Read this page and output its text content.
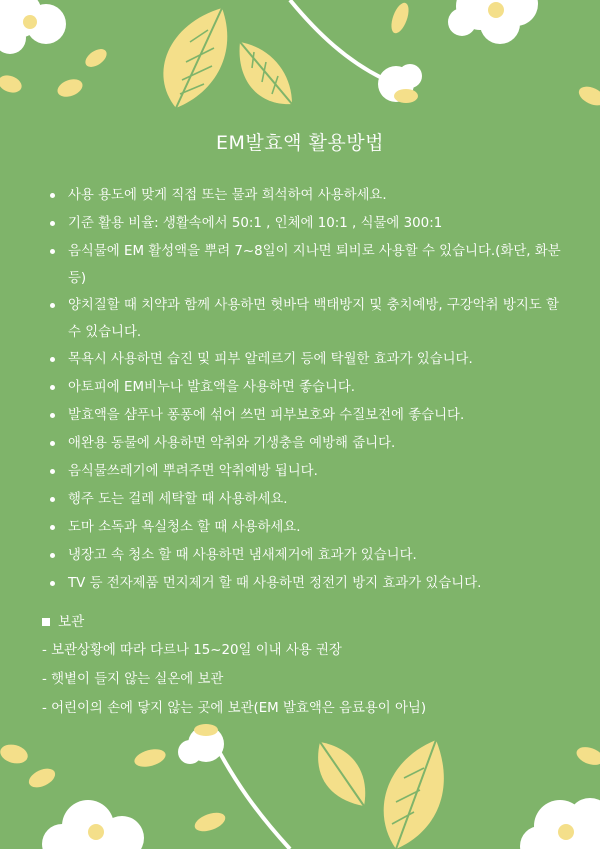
EM발효액 활용방법
사용 용도에 맞게 직접 또는 물과 희석하여 사용하세요.
기준 활용 비율: 생활속에서 50:1 , 인체에 10:1 , 식물에 300:1
음식물에 EM 활성액을 뿌려 7~8일이 지나면 퇴비로 사용할 수 있습니다.(화단, 화분 등)
양치질할 때 치약과 함께 사용하면 혓바닥 백태방지 및 충치예방, 구강악취 방지도 할 수 있습니다.
목욕시 사용하면 습진 및 피부 알레르기 등에 탁월한 효과가 있습니다.
아토피에 EM비누나 발효액을 사용하면 좋습니다.
발효액을 샴푸나 퐁퐁에 섞어 쓰면 피부보호와 수질보전에 좋습니다.
애완용 동물에 사용하면 악취와 기생충을 예방해 줍니다.
음식물쓰레기에 뿌려주면 악취예방 됩니다.
행주 도는 걸레 세탁할 때 사용하세요.
도마 소독과 욕실청소 할 때 사용하세요.
냉장고 속 청소 할 때 사용하면 냄새제거에 효과가 있습니다.
TV 등 전자제품 먼지제거 할 때 사용하면 정전기 방지 효과가 있습니다.
보관
- 보관상황에 따라 다르나 15~20일 이내 사용 권장
- 햇볕이 들지 않는 실온에 보관
- 어린이의 손에 닿지 않는 곳에 보관(EM 발효액은 음료용이 아님)
